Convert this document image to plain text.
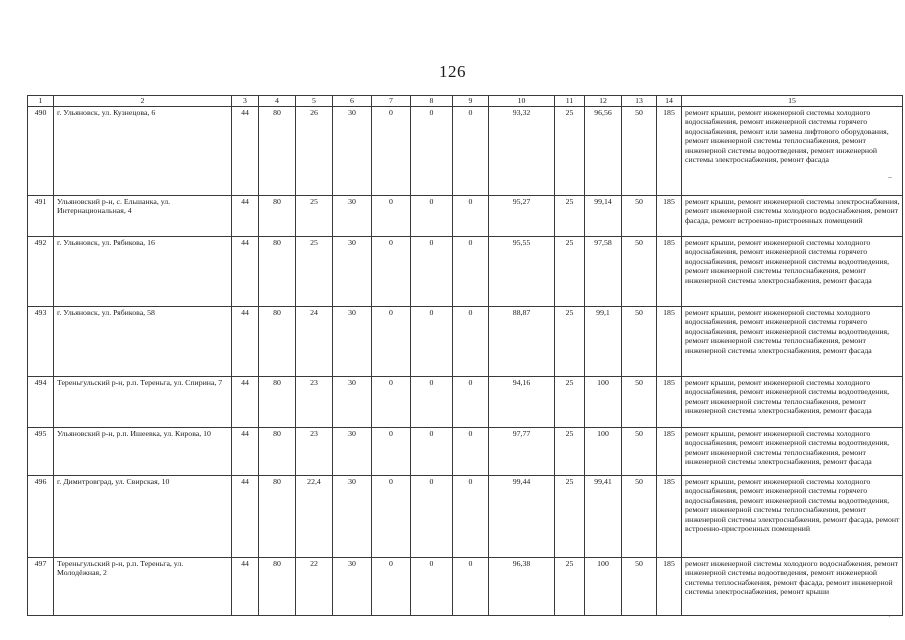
126
1	2	3	4	5	6	7	8	9	10	11	12	13	14	15
490	г. Ульяновск, ул. Кузнецова, 6	44	80	26	30	0	0	0	93,32	25	96,56	50	185	ремонт крыши, ремонт инженерной системы холодного водоснабжения, ремонт инженерной системы горячего водоснабжения, ремонт или замена лифтового оборудования, ремонт инженерной системы теплоснабжения, ремонт инженерной системы водоотведения, ремонт инженерной системы электроснабжения, ремонт фасада
491	Ульяновский р-н, с. Ельшанка, ул. Интернациональная, 4	44	80	25	30	0	0	0	95,27	25	99,14	50	185	ремонт крыши, ремонт инженерной системы электроснабжения, ремонт инженерной системы холодного водоснабжения, ремонт фасада, ремонт встроенно-пристроенных помещений
492	г. Ульяновск, ул. Рябикова, 16	44	80	25	30	0	0	0	95,55	25	97,58	50	185	ремонт крыши, ремонт инженерной системы холодного водоснабжения, ремонт инженерной системы горячего водоснабжения, ремонт инженерной системы водоотведения, ремонт инженерной системы теплоснабжения, ремонт инженерной системы электроснабжения, ремонт фасада
493	г. Ульяновск, ул. Рябикова, 58	44	80	24	30	0	0	0	88,87	25	99,1	50	185	ремонт крыши, ремонт инженерной системы холодного водоснабжения, ремонт инженерной системы горячего водоснабжения, ремонт инженерной системы водоотведения, ремонт инженерной системы теплоснабжения, ремонт инженерной системы электроснабжения, ремонт фасада
494	Тереньгульский р-н, р.п. Тереньга, ул. Спирина, 7	44	80	23	30	0	0	0	94,16	25	100	50	185	ремонт крыши, ремонт инженерной системы холодного водоснабжения, ремонт инженерной системы водоотведения, ремонт инженерной системы теплоснабжения, ремонт инженерной системы электроснабжения, ремонт фасада
495	Ульяновский р-н, р.п. Ишеевка, ул. Кирова, 10	44	80	23	30	0	0	0	97,77	25	100	50	185	ремонт крыши, ремонт инженерной системы холодного водоснабжения, ремонт инженерной системы водоотведения, ремонт инженерной системы теплоснабжения, ремонт инженерной системы электроснабжения, ремонт фасада
496	г. Димитровград, ул. Свирская, 10	44	80	22,4	30	0	0	0	99,44	25	99,41	50	185	ремонт крыши, ремонт инженерной системы холодного водоснабжения, ремонт инженерной системы горячего водоснабжения, ремонт инженерной системы водоотведения, ремонт инженерной системы теплоснабжения, ремонт инженерной системы электроснабжения, ремонт фасада, ремонт встроенно-пристроенных помещений
497	Тереньгульский р-н, р.п. Тереньга, ул. Молодёжная, 2	44	80	22	30	0	0	0	96,38	25	100	50	185	ремонт инженерной системы холодного водоснабжения, ремонт инженерной системы водоотведения, ремонт инженерной системы теплоснабжения, ремонт фасада, ремонт инженерной системы электроснабжения, ремонт крыши
–
·
